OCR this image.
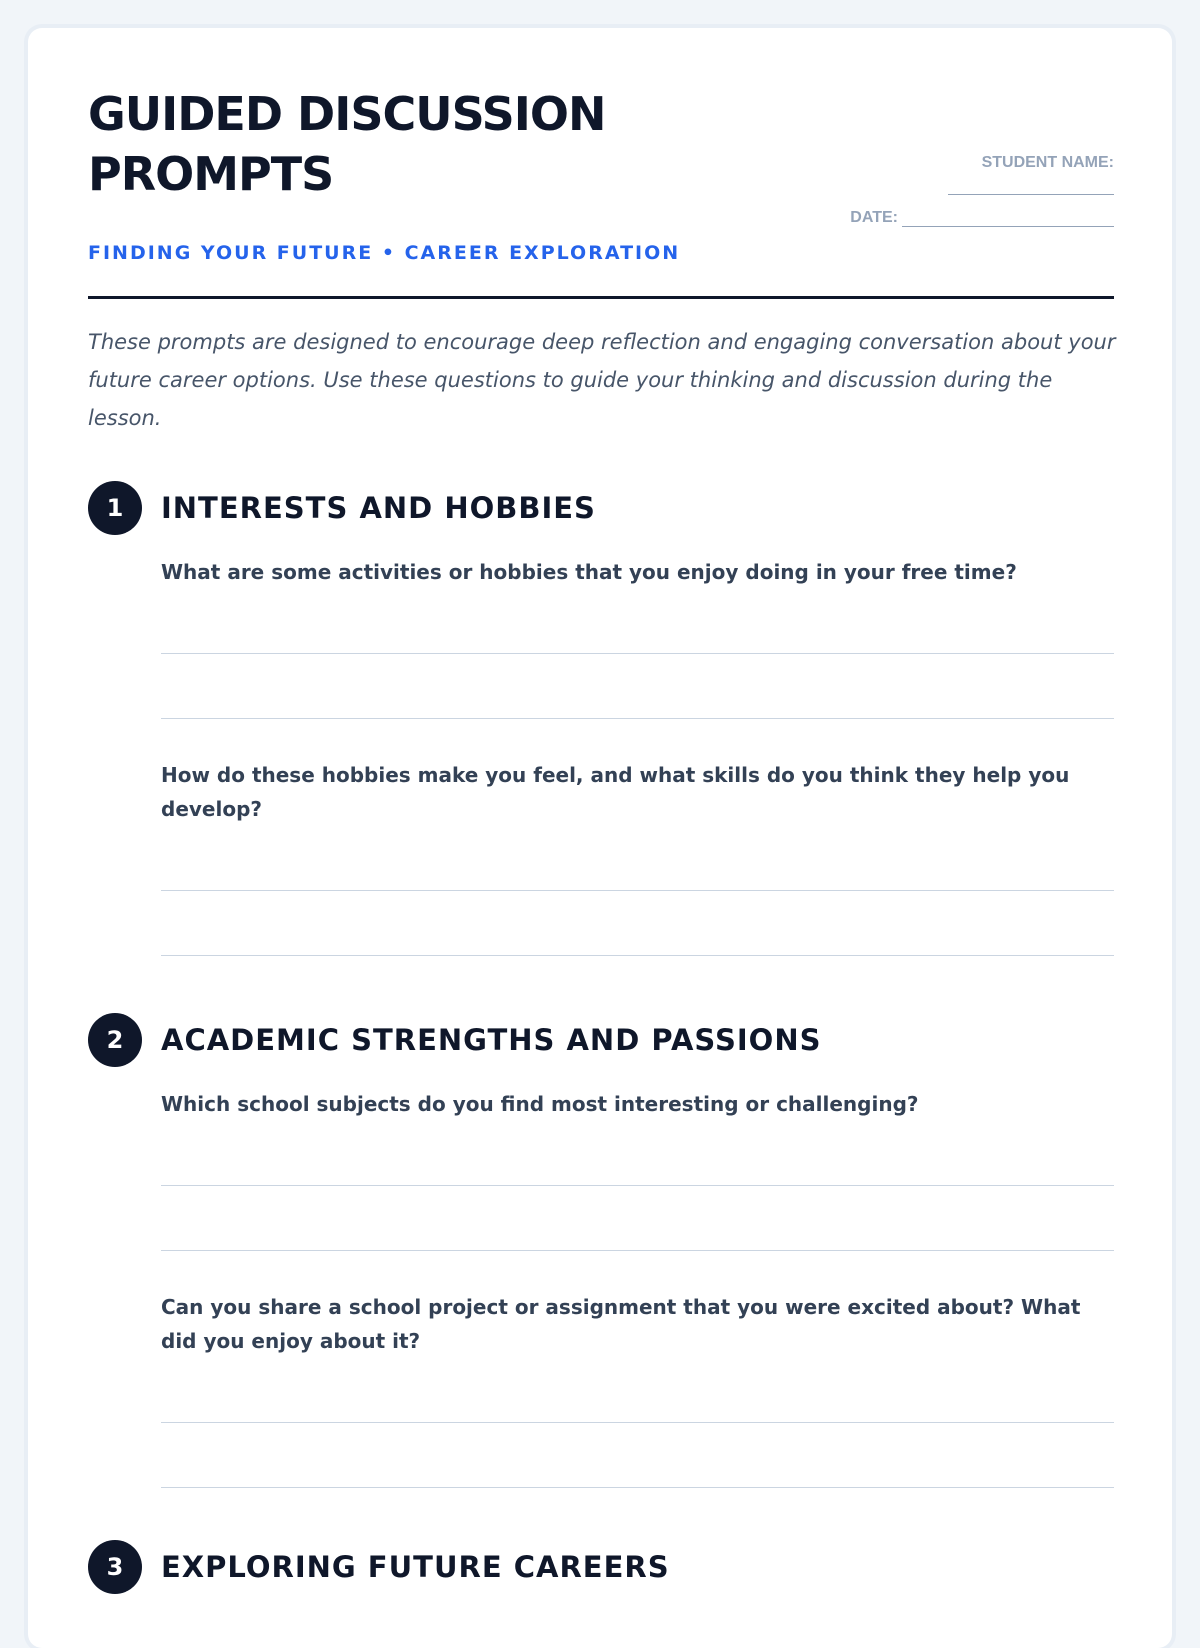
GUIDED DISCUSSION PROMPTS
FINDING YOUR FUTURE • CAREER EXPLORATION
STUDENT NAME:
DATE:

These prompts are designed to encourage deep reflection and engaging conversation about your future career options. Use these questions to guide your thinking and discussion during the lesson.

1	INTERESTS AND HOBBIES

What are some activities or hobbies that you enjoy doing in your free time?

How do these hobbies make you feel, and what skills do you think they help you develop?

2	ACADEMIC STRENGTHS AND PASSIONS

Which school subjects do you find most interesting or challenging?

Can you share a school project or assignment that you were excited about? What did you enjoy about it?

3	EXPLORING FUTURE CAREERS
